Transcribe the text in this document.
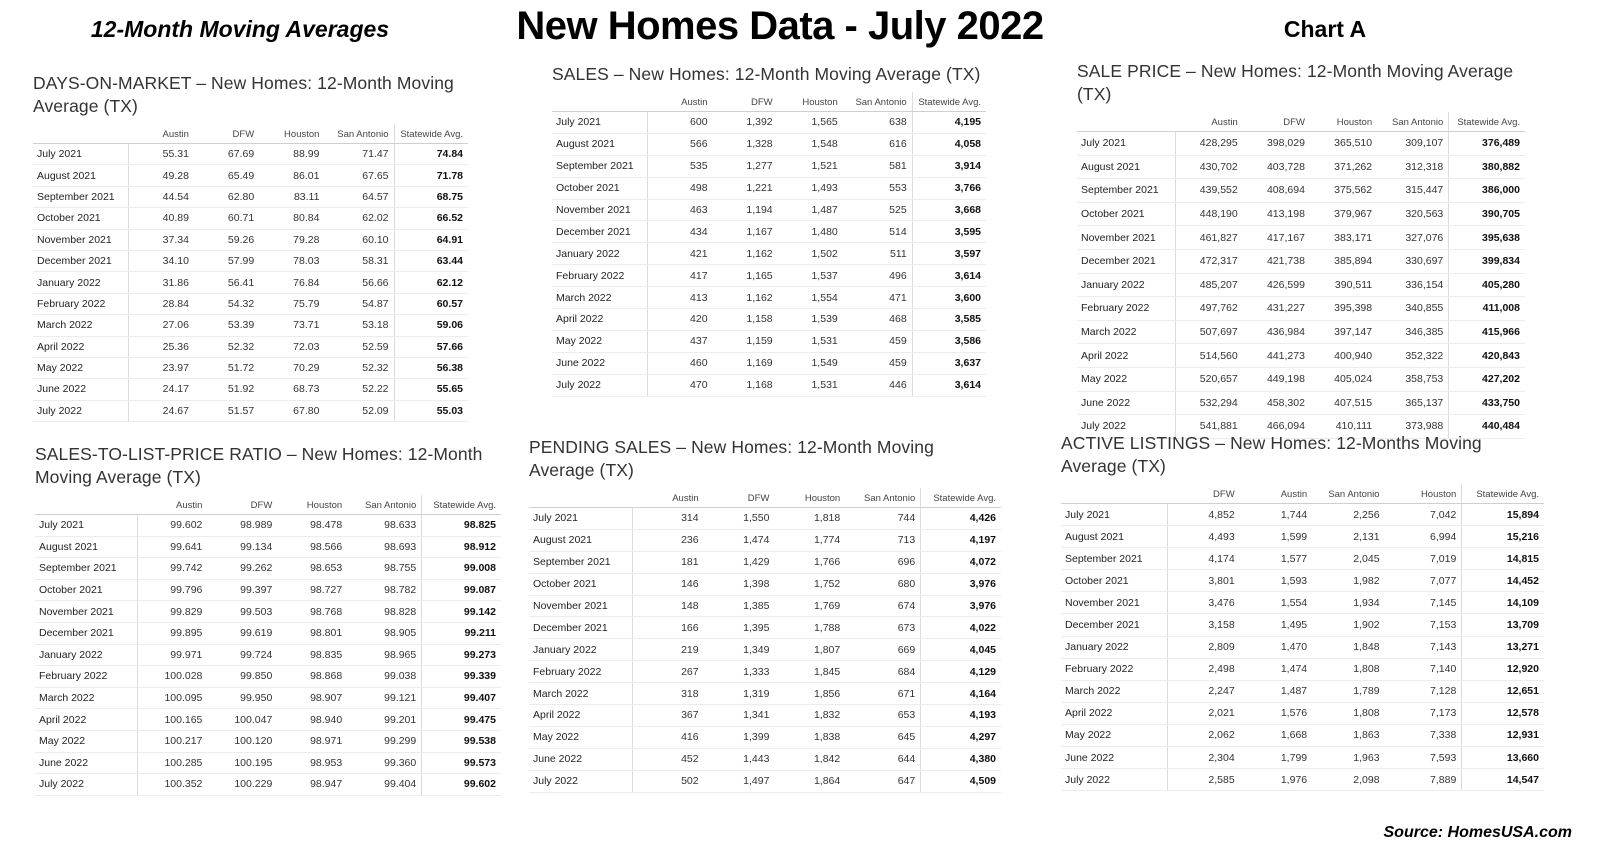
12-Month Moving Averages	New Homes Data - July 2022	Chart A
DAYS-ON-MARKET – New Homes: 12-Month Moving Average (TX)
	Austin	DFW	Houston	San Antonio	Statewide Avg.
July 2021	55.31	67.69	88.99	71.47	74.84
August 2021	49.28	65.49	86.01	67.65	71.78
September 2021	44.54	62.80	83.11	64.57	68.75
October 2021	40.89	60.71	80.84	62.02	66.52
November 2021	37.34	59.26	79.28	60.10	64.91
December 2021	34.10	57.99	78.03	58.31	63.44
January 2022	31.86	56.41	76.84	56.66	62.12
February 2022	28.84	54.32	75.79	54.87	60.57
March 2022	27.06	53.39	73.71	53.18	59.06
April 2022	25.36	52.32	72.03	52.59	57.66
May 2022	23.97	51.72	70.29	52.32	56.38
June 2022	24.17	51.92	68.73	52.22	55.65
July 2022	24.67	51.57	67.80	52.09	55.03
SALES – New Homes: 12-Month Moving Average (TX)
	Austin	DFW	Houston	San Antonio	Statewide Avg.
July 2021	600	1,392	1,565	638	4,195
August 2021	566	1,328	1,548	616	4,058
September 2021	535	1,277	1,521	581	3,914
October 2021	498	1,221	1,493	553	3,766
November 2021	463	1,194	1,487	525	3,668
December 2021	434	1,167	1,480	514	3,595
January 2022	421	1,162	1,502	511	3,597
February 2022	417	1,165	1,537	496	3,614
March 2022	413	1,162	1,554	471	3,600
April 2022	420	1,158	1,539	468	3,585
May 2022	437	1,159	1,531	459	3,586
June 2022	460	1,169	1,549	459	3,637
July 2022	470	1,168	1,531	446	3,614
SALE PRICE – New Homes: 12-Month Moving Average (TX)
	Austin	DFW	Houston	San Antonio	Statewide Avg.
July 2021	428,295	398,029	365,510	309,107	376,489
August 2021	430,702	403,728	371,262	312,318	380,882
September 2021	439,552	408,694	375,562	315,447	386,000
October 2021	448,190	413,198	379,967	320,563	390,705
November 2021	461,827	417,167	383,171	327,076	395,638
December 2021	472,317	421,738	385,894	330,697	399,834
January 2022	485,207	426,599	390,511	336,154	405,280
February 2022	497,762	431,227	395,398	340,855	411,008
March 2022	507,697	436,984	397,147	346,385	415,966
April 2022	514,560	441,273	400,940	352,322	420,843
May 2022	520,657	449,198	405,024	358,753	427,202
June 2022	532,294	458,302	407,515	365,137	433,750
July 2022	541,881	466,094	410,111	373,988	440,484
SALES-TO-LIST-PRICE RATIO – New Homes: 12-Month Moving Average (TX)
	Austin	DFW	Houston	San Antonio	Statewide Avg.
July 2021	99.602	98.989	98.478	98.633	98.825
August 2021	99.641	99.134	98.566	98.693	98.912
September 2021	99.742	99.262	98.653	98.755	99.008
October 2021	99.796	99.397	98.727	98.782	99.087
November 2021	99.829	99.503	98.768	98.828	99.142
December 2021	99.895	99.619	98.801	98.905	99.211
January 2022	99.971	99.724	98.835	98.965	99.273
February 2022	100.028	99.850	98.868	99.038	99.339
March 2022	100.095	99.950	98.907	99.121	99.407
April 2022	100.165	100.047	98.940	99.201	99.475
May 2022	100.217	100.120	98.971	99.299	99.538
June 2022	100.285	100.195	98.953	99.360	99.573
July 2022	100.352	100.229	98.947	99.404	99.602
PENDING SALES – New Homes: 12-Month Moving Average (TX)
	Austin	DFW	Houston	San Antonio	Statewide Avg.
July 2021	314	1,550	1,818	744	4,426
August 2021	236	1,474	1,774	713	4,197
September 2021	181	1,429	1,766	696	4,072
October 2021	146	1,398	1,752	680	3,976
November 2021	148	1,385	1,769	674	3,976
December 2021	166	1,395	1,788	673	4,022
January 2022	219	1,349	1,807	669	4,045
February 2022	267	1,333	1,845	684	4,129
March 2022	318	1,319	1,856	671	4,164
April 2022	367	1,341	1,832	653	4,193
May 2022	416	1,399	1,838	645	4,297
June 2022	452	1,443	1,842	644	4,380
July 2022	502	1,497	1,864	647	4,509
ACTIVE LISTINGS – New Homes: 12-Months Moving Average (TX)
	DFW	Austin	San Antonio	Houston	Statewide Avg.
July 2021	4,852	1,744	2,256	7,042	15,894
August 2021	4,493	1,599	2,131	6,994	15,216
September 2021	4,174	1,577	2,045	7,019	14,815
October 2021	3,801	1,593	1,982	7,077	14,452
November 2021	3,476	1,554	1,934	7,145	14,109
December 2021	3,158	1,495	1,902	7,153	13,709
January 2022	2,809	1,470	1,848	7,143	13,271
February 2022	2,498	1,474	1,808	7,140	12,920
March 2022	2,247	1,487	1,789	7,128	12,651
April 2022	2,021	1,576	1,808	7,173	12,578
May 2022	2,062	1,668	1,863	7,338	12,931
June 2022	2,304	1,799	1,963	7,593	13,660
July 2022	2,585	1,976	2,098	7,889	14,547
Source: HomesUSA.com
